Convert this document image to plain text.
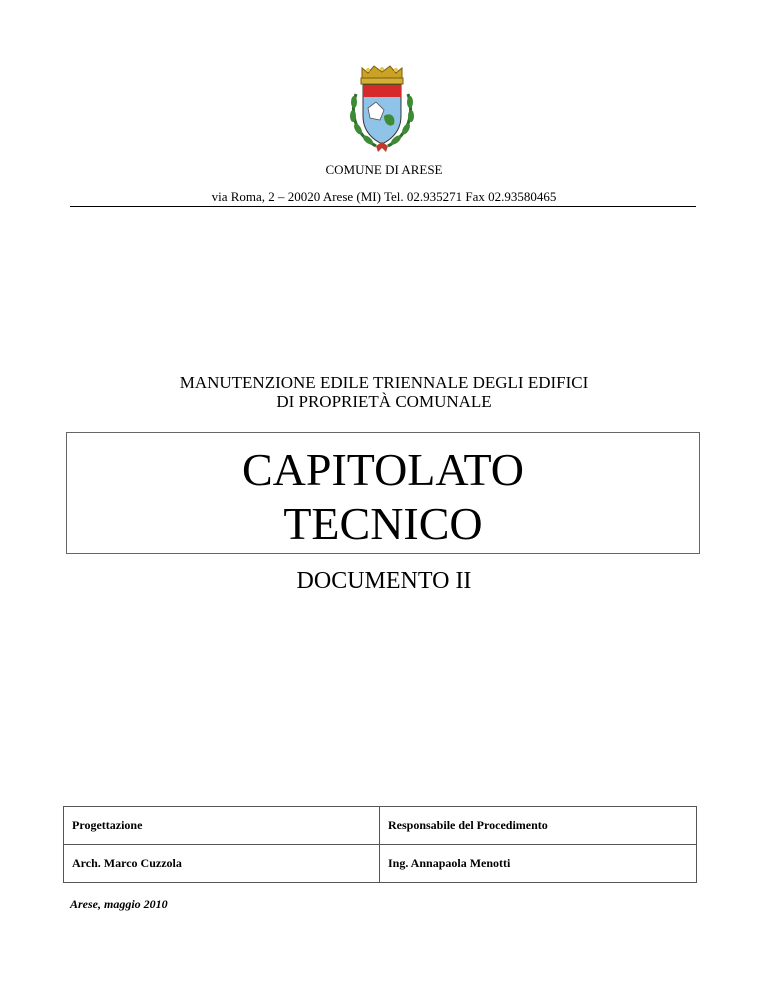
COMUNE DI ARESE
via Roma, 2 – 20020 Arese (MI) Tel. 02.935271 Fax 02.93580465
MANUTENZIONE EDILE TRIENNALE DEGLI EDIFICI
DI PROPRIETÀ COMUNALE
CAPITOLATO
TECNICO
DOCUMENTO II
Progettazione	Responsabile del Procedimento
Arch. Marco Cuzzola	Ing. Annapaola Menotti
Arese, maggio 2010
